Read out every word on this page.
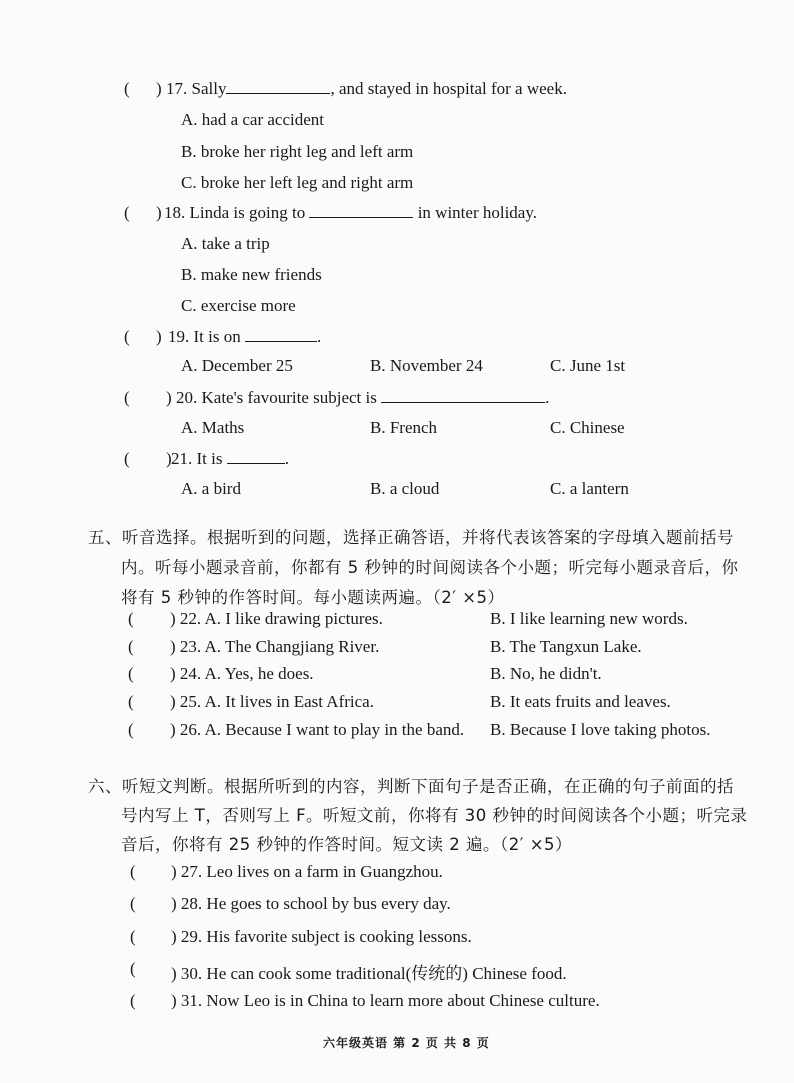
( ) 17. Sally	, and stayed in hospital for a week.
A. had a car accident
B. broke her right leg and left arm
C. broke her left leg and right arm
( ) 18. Linda is going to	in winter holiday.
A. take a trip
B. make new friends
C. exercise more
( ) 19. It is on	.
A. December 25	B. November 24	C. June 1st
( ) 20. Kate's favourite subject is	.
A. Maths	B. French	C. Chinese
( ) 21. It is	.
A. a bird	B. a cloud	C. a lantern
五、听音选择。根据听到的问题，选择正确答语，并将代表该答案的字母填入题前括号
内。听每小题录音前，你都有 5 秒钟的时间阅读各个小题；听完每小题录音后，你
将有 5 秒钟的作答时间。每小题读两遍。（2′ ×5）
( ) 22. A. I like drawing pictures.	B. I like learning new words.
( ) 23. A. The Changjiang River.	B. The Tangxun Lake.
( ) 24. A. Yes, he does.	B. No, he didn't.
( ) 25. A. It lives in East Africa.	B. It eats fruits and leaves.
( ) 26. A. Because I want to play in the band. B. Because I love taking photos.
六、听短文判断。根据所听到的内容，判断下面句子是否正确，在正确的句子前面的括
号内写上 T，否则写上 F。听短文前，你将有 30 秒钟的时间阅读各个小题；听完录
音后，你将有 25 秒钟的作答时间。短文读 2 遍。（2′ ×5）
( ) 27. Leo lives on a farm in Guangzhou.
( ) 28. He goes to school by bus every day.
( ) 29. His favorite subject is cooking lessons.
( ) 30. He can cook some traditional(传统的) Chinese food.
( ) 31. Now Leo is in China to learn more about Chinese culture.
六年级英语 第 2 页 共 8 页
